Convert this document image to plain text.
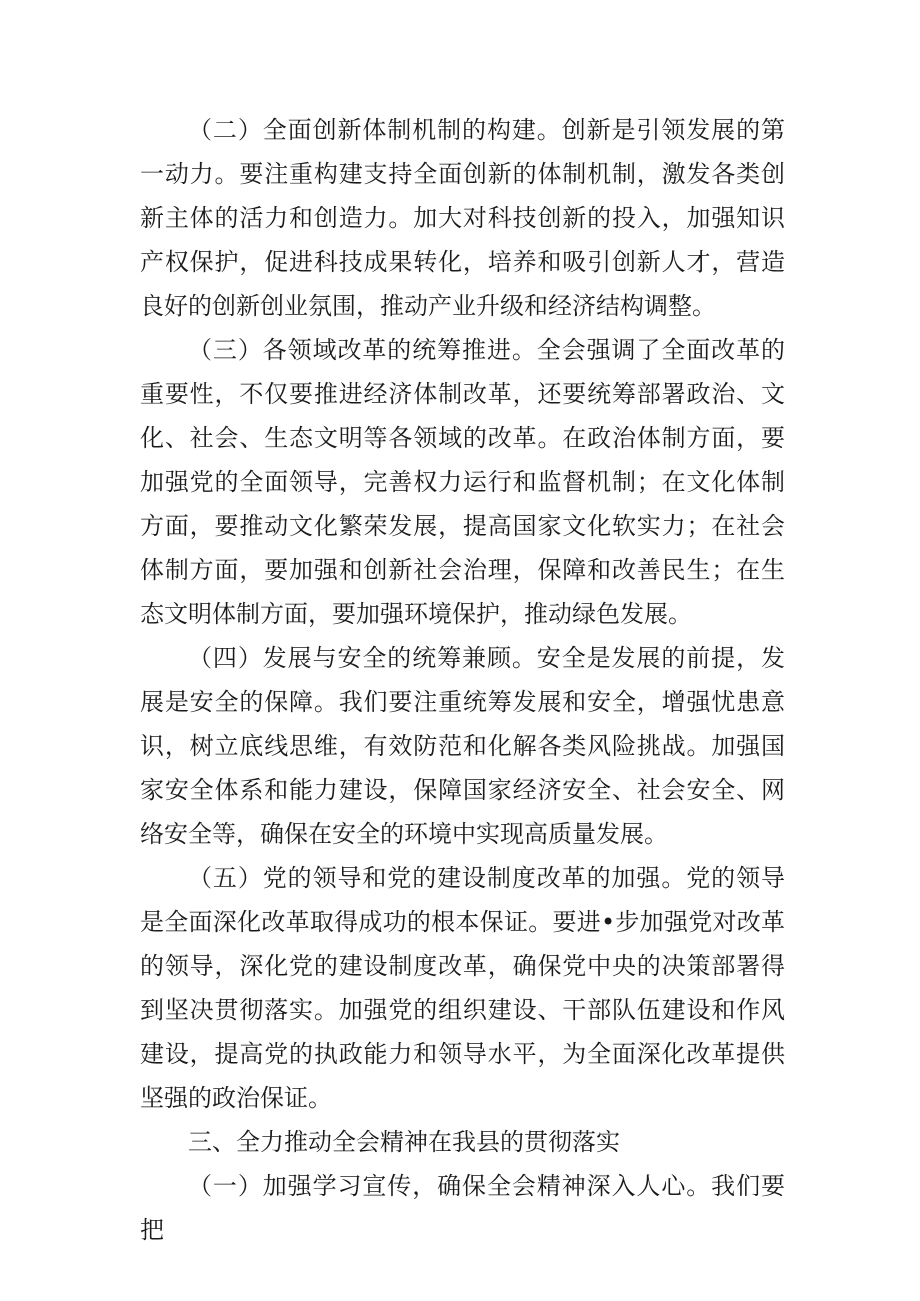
（二）全面创新体制机制的构建。创新是引领发展的第一动力。要注重构建支持全面创新的体制机制，激发各类创新主体的活力和创造力。加大对科技创新的投入，加强知识产权保护，促进科技成果转化，培养和吸引创新人才，营造良好的创新创业氛围，推动产业升级和经济结构调整。

（三）各领域改革的统筹推进。全会强调了全面改革的重要性，不仅要推进经济体制改革，还要统筹部署政治、文化、社会、生态文明等各领域的改革。在政治体制方面，要加强党的全面领导，完善权力运行和监督机制；在文化体制方面，要推动文化繁荣发展，提高国家文化软实力；在社会体制方面，要加强和创新社会治理，保障和改善民生；在生态文明体制方面，要加强环境保护，推动绿色发展。

（四）发展与安全的统筹兼顾。安全是发展的前提，发展是安全的保障。我们要注重统筹发展和安全，增强忧患意识，树立底线思维，有效防范和化解各类风险挑战。加强国家安全体系和能力建设，保障国家经济安全、社会安全、网络安全等，确保在安全的环境中实现高质量发展。

（五）党的领导和党的建设制度改革的加强。党的领导是全面深化改革取得成功的根本保证。要进•步加强党对改革的领导，深化党的建设制度改革，确保党中央的决策部署得到坚决贯彻落实。加强党的组织建设、干部队伍建设和作风建设，提高党的执政能力和领导水平，为全面深化改革提供坚强的政治保证。

三、全力推动全会精神在我县的贯彻落实

（一）加强学习宣传，确保全会精神深入人心。我们要把
